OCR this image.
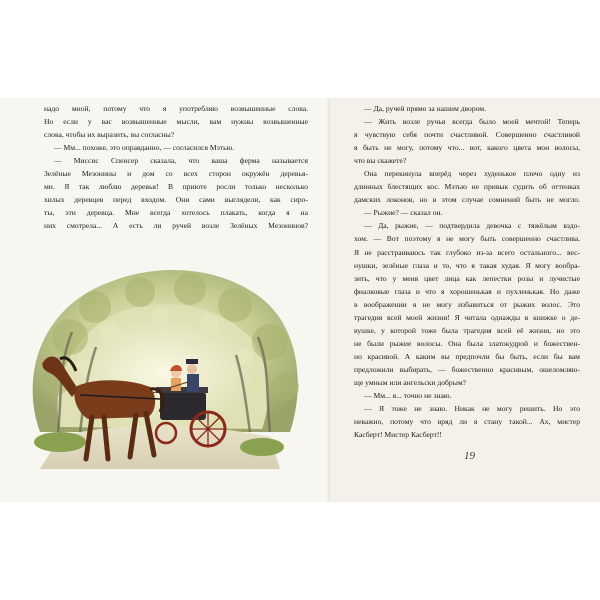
надо мной, потому что я употребляю возвышенные слова.
Но если у вас возвышенные мысли, вам нужны возвышенные
слова, чтобы их выразить, вы согласны?
— Мм... похоже, это оправданно, — согласился Мэтью.
— Миссис Спенсер сказала, что ваша ферма называется
Зелёные Мезонины и дом со всех сторон окружён деревья-
ми. Я так люблю деревья! В приюте росли только несколько
хилых деревцев перед входом. Они сами выглядели, как сиро-
ты, эти деревца. Мне всегда хотелось плакать, когда я на
них смотрела... А есть ли ручей возле Зелёных Мезонинов?
— Да, ручей прямо за нашим двором.
— Жить возле ручья всегда было моей мечтой! Теперь
я чувствую себя почти счастливой. Совершенно счастливой
я быть не могу, потому что... вот, какого цвета мои волосы,
что вы скажете?
Она перекинула вперёд через худенькое плечо одну из
длинных блестящих кос. Мэтью не привык судить об оттенках
дамских локонов, но в этом случае сомнений быть не могло.
— Рыжие? — сказал он.
— Да, рыжие, — подтвердила девочка с тяжёлым вздо-
хом. — Вот поэтому я не могу быть совершенно счастлива.
Я не расстраиваюсь так глубоко из-за всего остального... вес-
нушки, зелёные глаза и то, что я такая худая. Я могу вообра-
зить, что у меня цвет лица как лепестки розы и лучистые
фиалковые глаза и что я хорошенькая и пухленькая. Но даже
в воображении я не могу избавиться от рыжих волос. Это
трагедия всей моей жизни! Я читала однажды в книжке о де-
вушке, у которой тоже была трагедия всей её жизни, но это
не были рыжие волосы. Она была златокудрой и божествен-
но красивой. А каким вы предпочли бы быть, если бы вам
предложили выбирать, — божественно красивым, ошеломляю-
ще умным или ангельски добрым?
— Мм... я... точно не знаю.
— Я тоже не знаю. Никак не могу решить. Но это
неважно, потому что вряд ли я стану такой... Ах, мистер
Касберт! Мистер Касберт!!
19
